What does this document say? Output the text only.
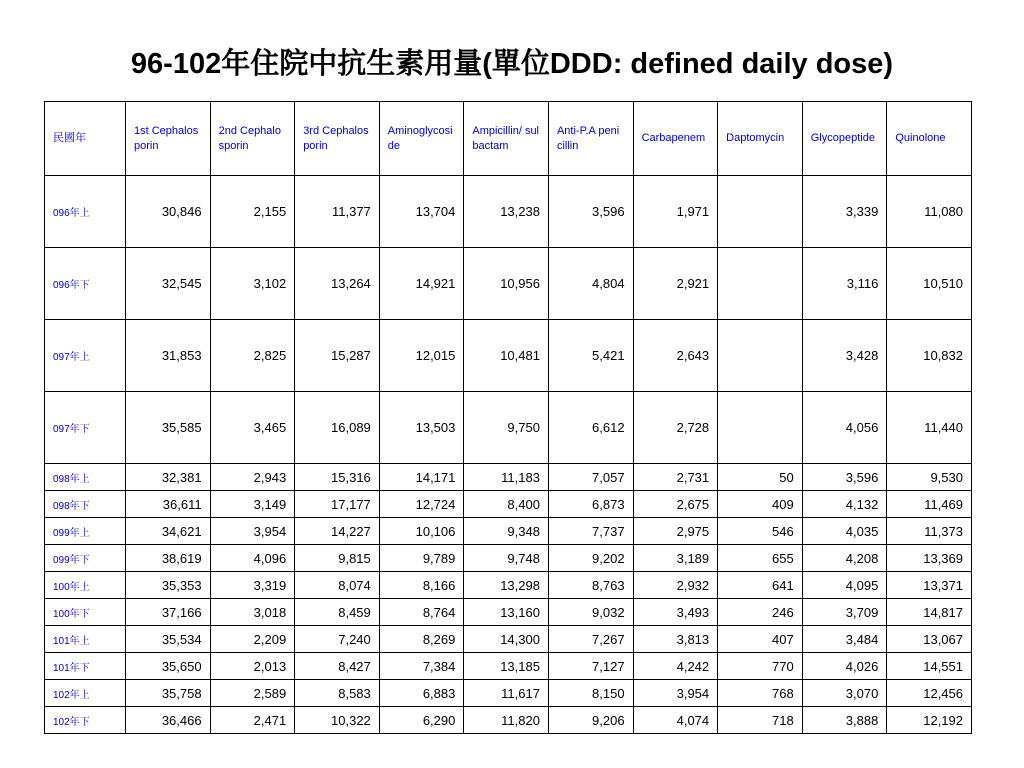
96-102年住院中抗生素用量(單位DDD: defined daily dose)
民國年	1st Cephalosporin	2nd Cephalosporin	3rd Cephalosporin	Aminoglycoside	Ampicillin/ sulbactam	Anti-P.A penicillin	Carbapenem	Daptomycin	Glycopeptide	Quinolone
096年上	30,846	2,155	11,377	13,704	13,238	3,596	1,971		3,339	11,080
096年下	32,545	3,102	13,264	14,921	10,956	4,804	2,921		3,116	10,510
097年上	31,853	2,825	15,287	12,015	10,481	5,421	2,643		3,428	10,832
097年下	35,585	3,465	16,089	13,503	9,750	6,612	2,728		4,056	11,440
098年上	32,381	2,943	15,316	14,171	11,183	7,057	2,731	50	3,596	9,530
098年下	36,611	3,149	17,177	12,724	8,400	6,873	2,675	409	4,132	11,469
099年上	34,621	3,954	14,227	10,106	9,348	7,737	2,975	546	4,035	11,373
099年下	38,619	4,096	9,815	9,789	9,748	9,202	3,189	655	4,208	13,369
100年上	35,353	3,319	8,074	8,166	13,298	8,763	2,932	641	4,095	13,371
100年下	37,166	3,018	8,459	8,764	13,160	9,032	3,493	246	3,709	14,817
101年上	35,534	2,209	7,240	8,269	14,300	7,267	3,813	407	3,484	13,067
101年下	35,650	2,013	8,427	7,384	13,185	7,127	4,242	770	4,026	14,551
102年上	35,758	2,589	8,583	6,883	11,617	8,150	3,954	768	3,070	12,456
102年下	36,466	2,471	10,322	6,290	11,820	9,206	4,074	718	3,888	12,192
